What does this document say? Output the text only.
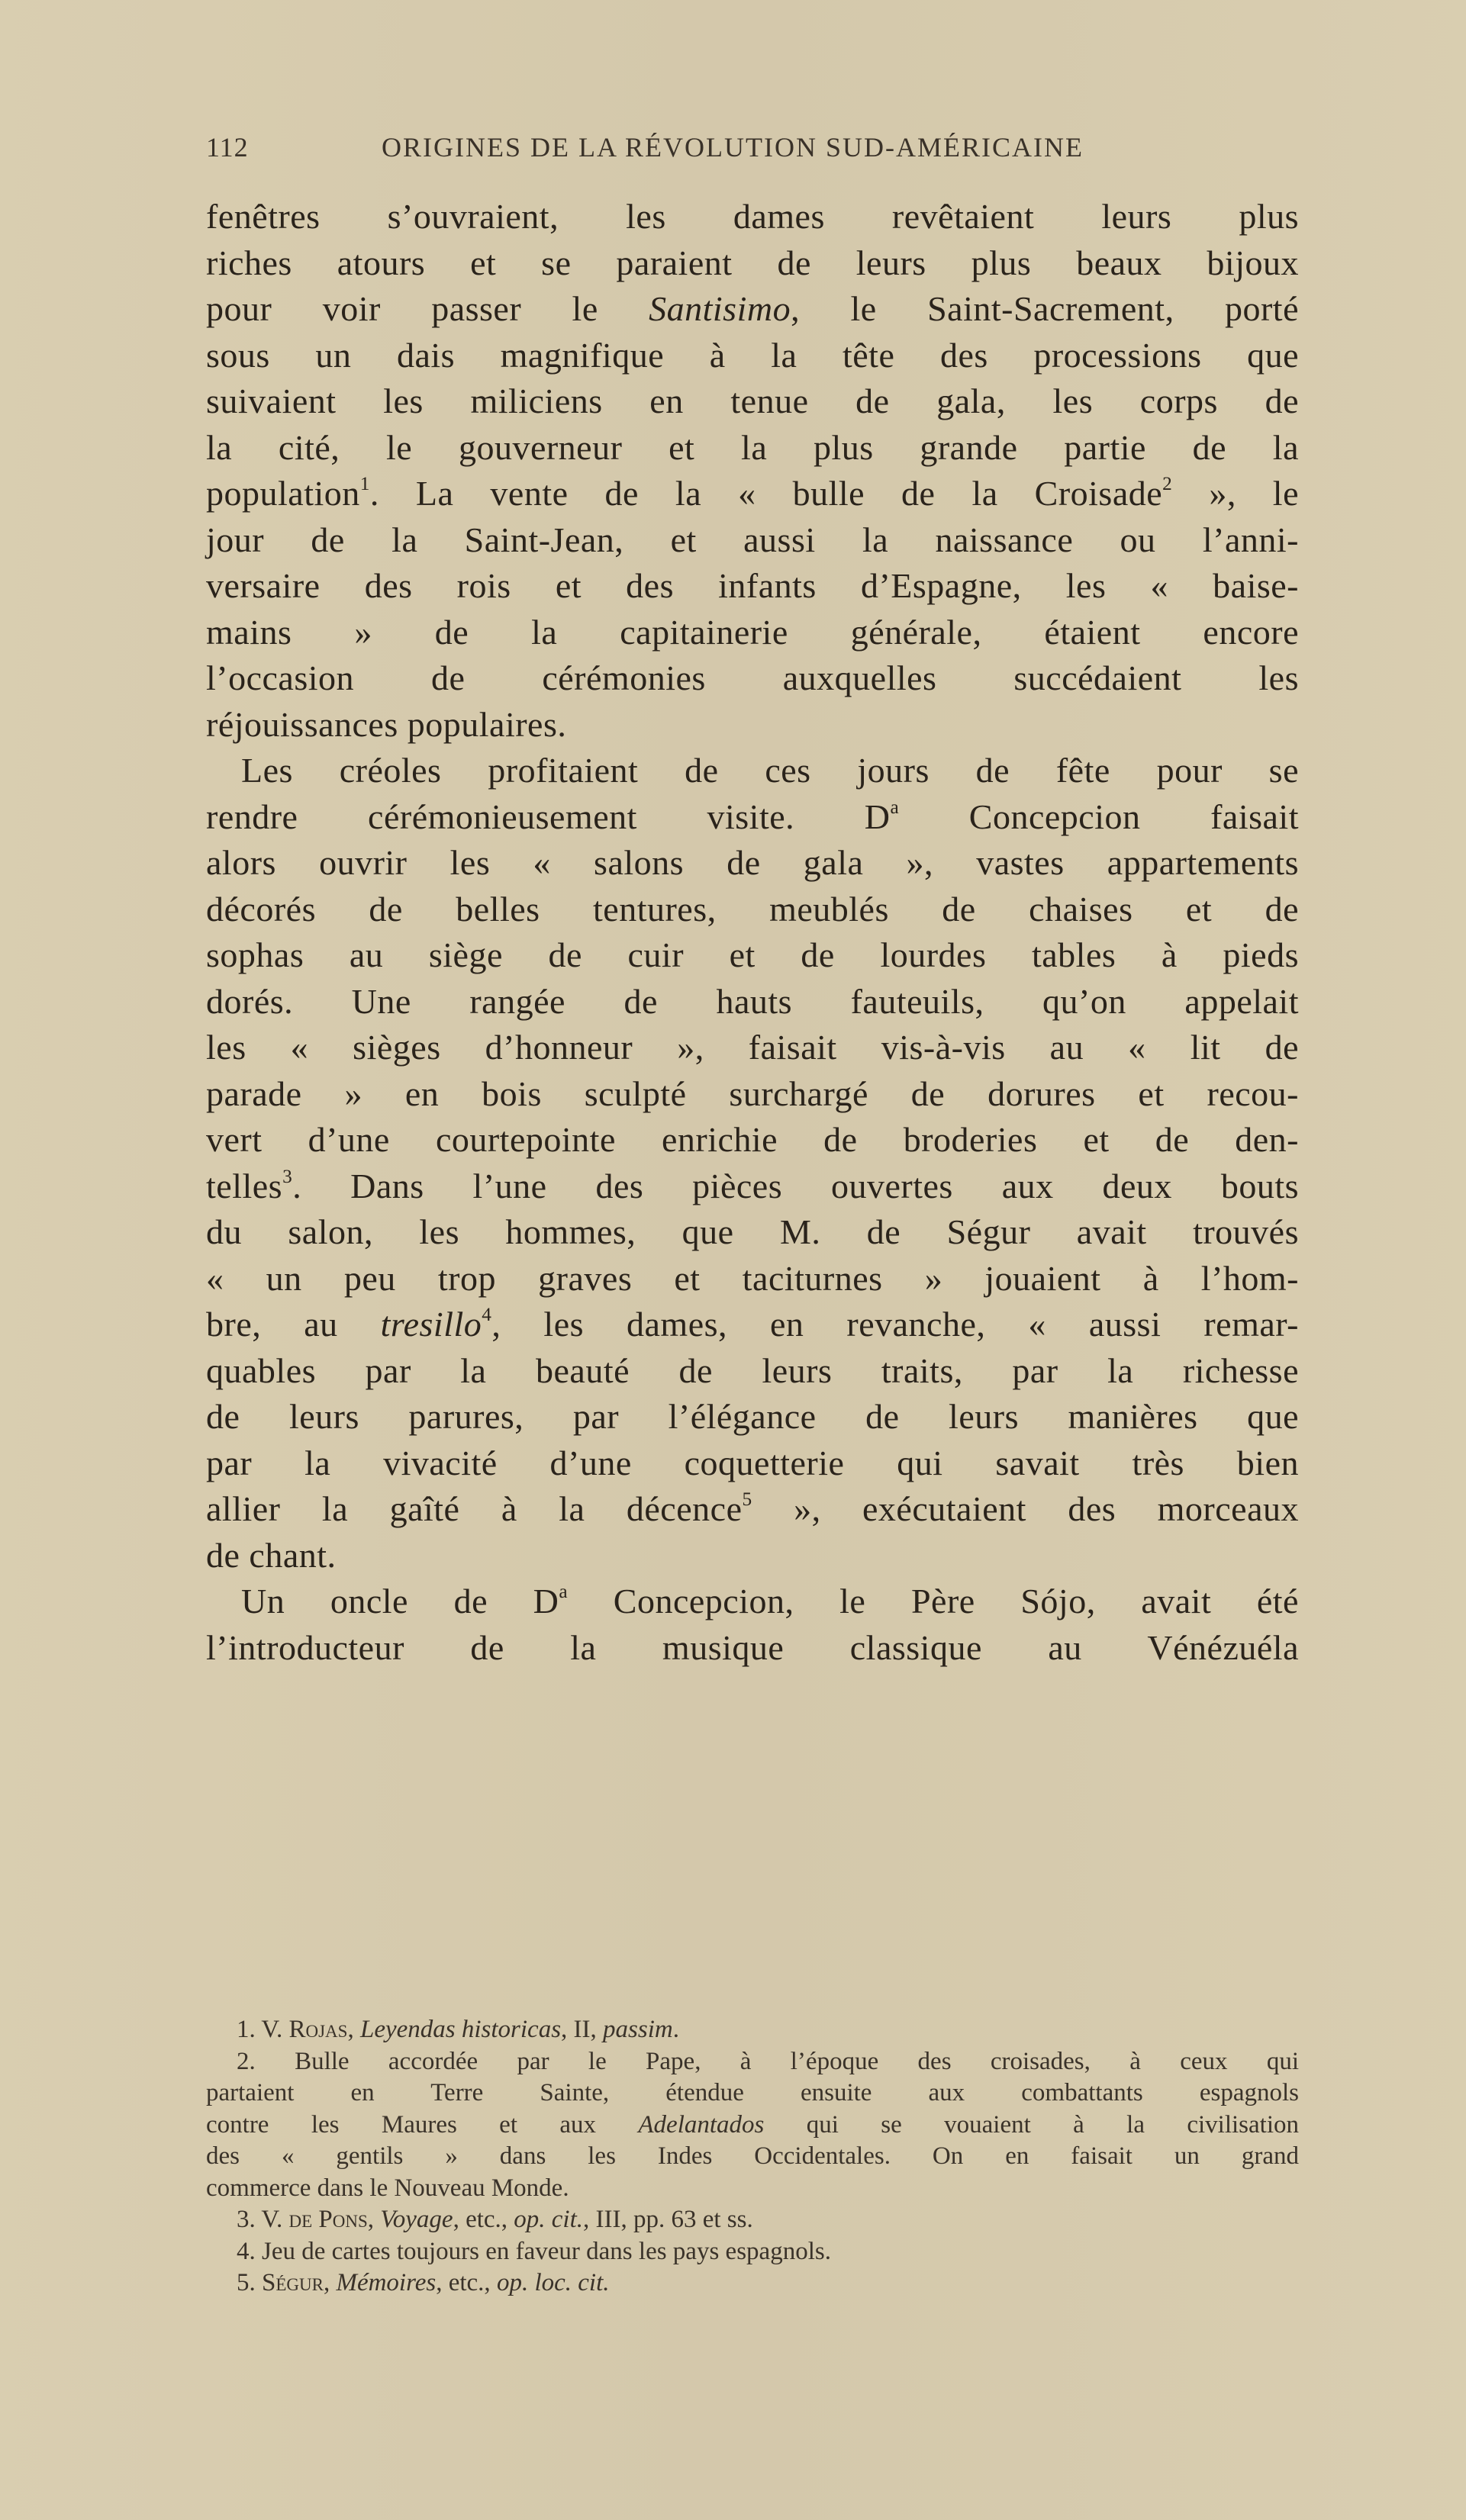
112	ORIGINES DE LA RÉVOLUTION SUD-AMÉRICAINE
fenêtres s’ouvraient, les dames revêtaient leurs plus
riches atours et se paraient de leurs plus beaux bijoux
pour voir passer le Santisimo, le Saint-Sacrement, porté
sous un dais magnifique à la tête des processions que
suivaient les miliciens en tenue de gala, les corps de
la cité, le gouverneur et la plus grande partie de la
population$^1$. La vente de la « bulle de la Croisade$^2$ », le
jour de la Saint-Jean, et aussi la naissance ou l’anni-
versaire des rois et des infants d’Espagne, les « baise-
mains » de la capitainerie générale, étaient encore
l’occasion de cérémonies auxquelles succédaient les
réjouissances populaires.
Les créoles profitaient de ces jours de fête pour se
rendre cérémonieusement visite. $D^a$ Concepcion faisait
alors ouvrir les « salons de gala », vastes appartements
décorés de belles tentures, meublés de chaises et de
sophas au siège de cuir et de lourdes tables à pieds
dorés. Une rangée de hauts fauteuils, qu’on appelait
les « sièges d’honneur », faisait vis-à-vis au « lit de
parade » en bois sculpté surchargé de dorures et recou-
vert d’une courtepointe enrichie de broderies et de den-
telles$^3$. Dans l’une des pièces ouvertes aux deux bouts
du salon, les hommes, que M. de Ségur avait trouvés
« un peu trop graves et taciturnes » jouaient à l’hom-
bre, au tresillo$^4$, les dames, en revanche, « aussi remar-
quables par la beauté de leurs traits, par la richesse
de leurs parures, par l’élégance de leurs manières que
par la vivacité d’une coquetterie qui savait très bien
allier la gaîté à la décence$^5$ », exécutaient des morceaux
de chant.
Un oncle de $D^a$ Concepcion, le Père Sójo, avait été
l’introducteur de la musique classique au Vénézuéla
1. V. Rojas, Leyendas historicas, II, passim.
2. Bulle accordée par le Pape, à l’époque des croisades, à ceux qui
partaient en Terre Sainte, étendue ensuite aux combattants espagnols
contre les Maures et aux Adelantados qui se vouaient à la civilisation
des « gentils » dans les Indes Occidentales. On en faisait un grand
commerce dans le Nouveau Monde.
3. V. de Pons, Voyage, etc., op. cit., III, pp. 63 et ss.
4. Jeu de cartes toujours en faveur dans les pays espagnols.
5. Ségur, Mémoires, etc., op. loc. cit.
